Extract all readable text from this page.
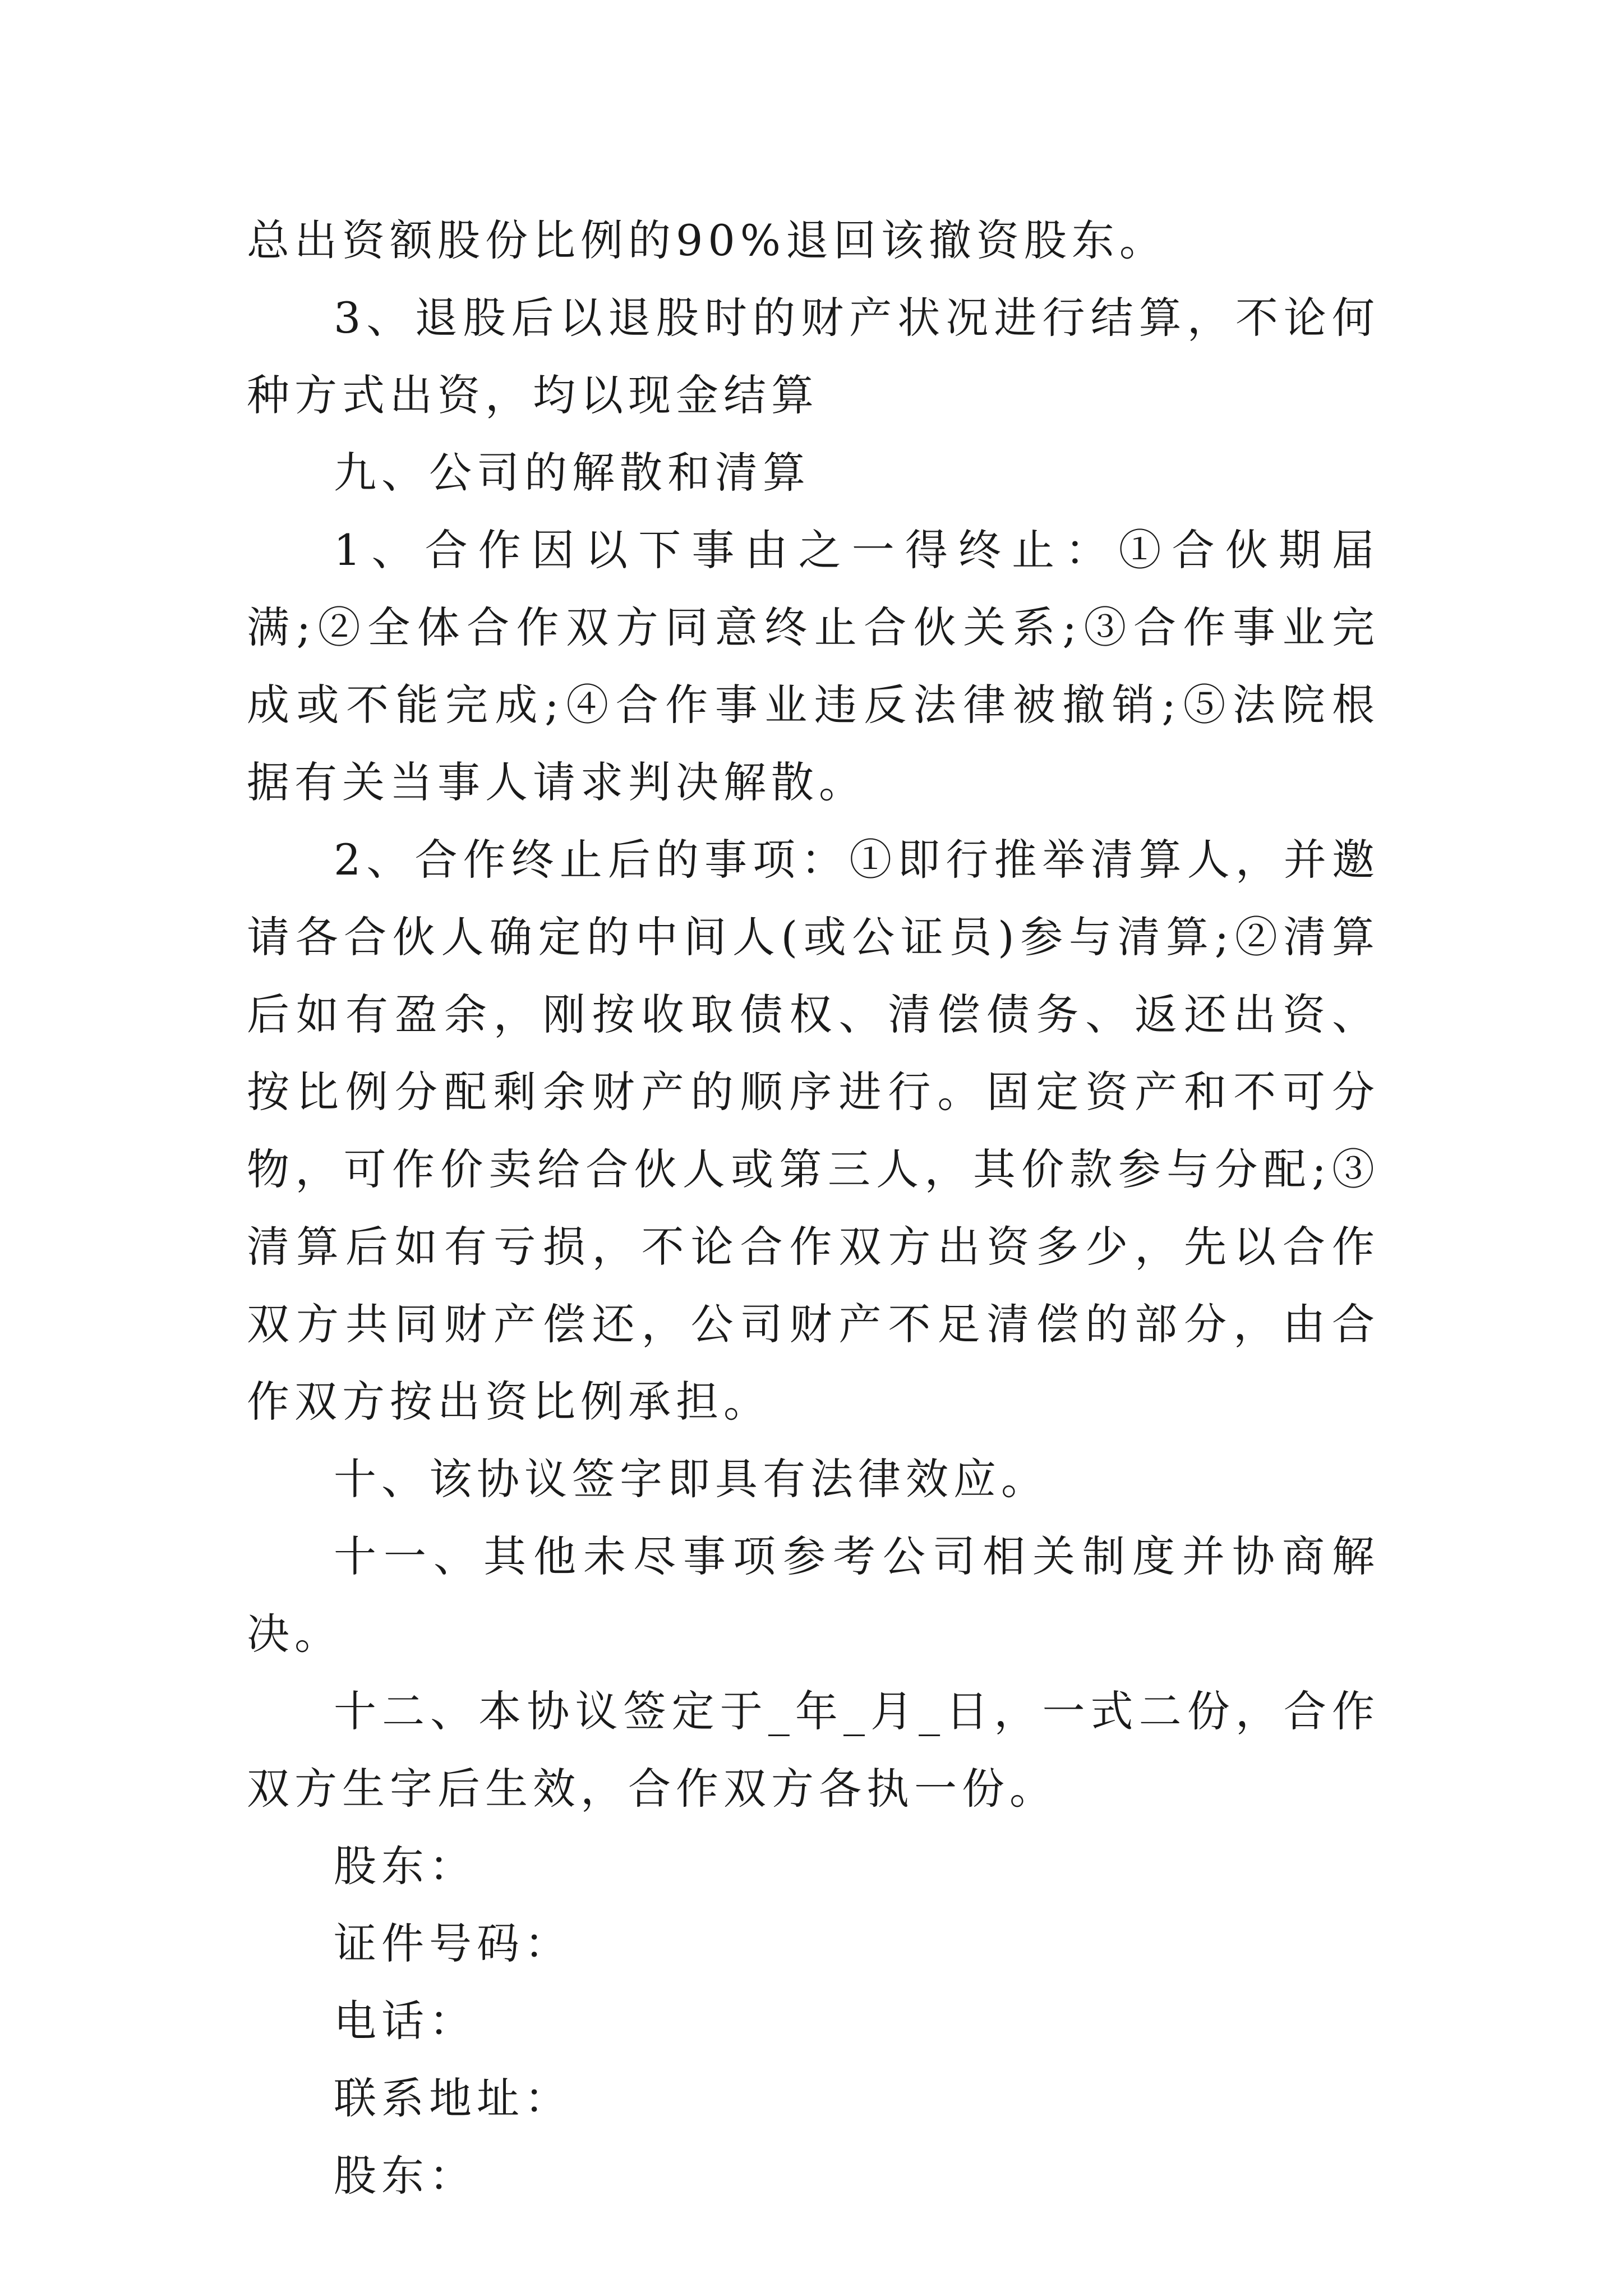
总出资额股份比例的90%退回该撤资股东。

3、退股后以退股时的财产状况进行结算，不论何种方式出资，均以现金结算

九、公司的解散和清算

1、合作因以下事由之一得终止：①合伙期届满;②全体合作双方同意终止合伙关系;③合作事业完成或不能完成;④合作事业违反法律被撤销;⑤法院根据有关当事人请求判决解散。

2、合作终止后的事项：①即行推举清算人，并邀请各合伙人确定的中间人(或公证员)参与清算;②清算后如有盈余，刚按收取债权、清偿债务、返还出资、按比例分配剩余财产的顺序进行。固定资产和不可分物，可作价卖给合伙人或第三人，其价款参与分配;③清算后如有亏损，不论合作双方出资多少，先以合作双方共同财产偿还，公司财产不足清偿的部分，由合作双方按出资比例承担。

十、该协议签字即具有法律效应。

十一、其他未尽事项参考公司相关制度并协商解决。

十二、本协议签定于_年_月_日，一式二份，合作双方生字后生效，合作双方各执一份。

股东：

证件号码：

电话：

联系地址：

股东：
